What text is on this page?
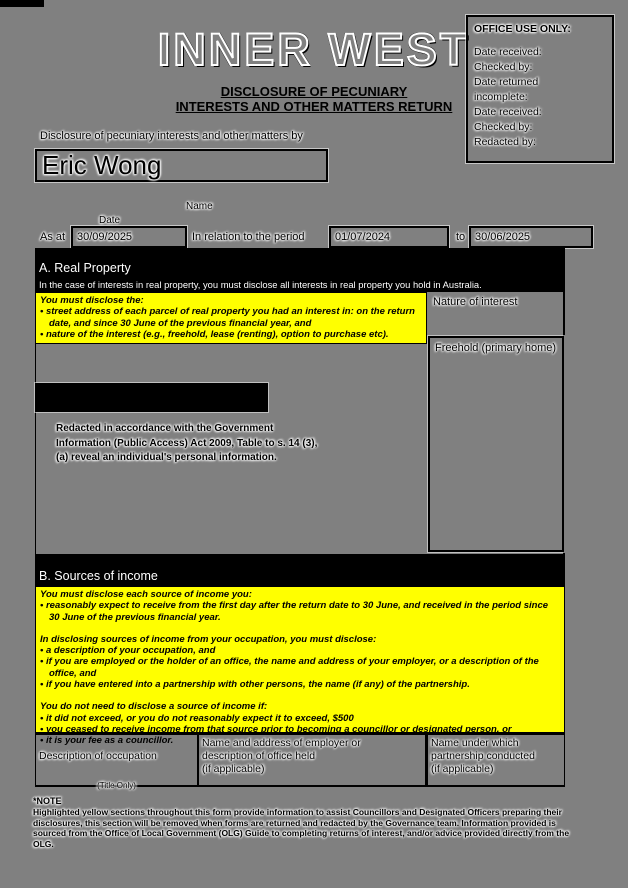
INNER WEST
DISCLOSURE OF PECUNIARY
INTERESTS AND OTHER MATTERS RETURN
OFFICE USE ONLY:
Date received:
Checked by:
Date returned
incomplete:
Date received:
Checked by:
Redacted by:
Disclosure of pecuniary interests and other matters by
Eric Wong
Name
Date
As at	30/09/2025	In relation to the period	01/07/2024	to 30/06/2025
A. Real Property
In the case of interests in real property, you must disclose all interests in real property you hold in Australia.
You must disclose the:
• street address of each parcel of real property you had an interest in: on the return date, and since 30 June of the previous financial year, and
• nature of the interest (e.g., freehold, lease (renting), option to purchase etc).
Nature of interest
Redacted in accordance with the Government
Information (Public Access) Act 2009, Table to s. 14 (3),
(a) reveal an individual's personal information.
Freehold (primary home)
B. Sources of income
You must disclose each source of income you:
• reasonably expect to receive from the first day after the return date to 30 June, and received in the period since 30 June of the previous financial year.
In disclosing sources of income from your occupation, you must disclose:
• a description of your occupation, and
• if you are employed or the holder of an office, the name and address of your employer, or a description of the office, and
• if you have entered into a partnership with other persons, the name (if any) of the partnership.
You do not need to disclose a source of income if:
• it did not exceed, or you do not reasonably expect it to exceed, $500
• you ceased to receive income from that source prior to becoming a councillor or designated person, or
• it is your fee as a councillor.

Description of occupation

(Title Only)

Name and address of employer or
description of office held
(if applicable)
Name under which
partnership conducted
(if applicable)
*NOTE
Highlighted yellow sections throughout this form provide information to assist Councillors and Designated Officers preparing their disclosures, this section will be removed when forms are returned and redacted by the Governance team. Information provided is sourced from the Office of Local Government (OLG) Guide to completing returns of interest, and/or advice provided directly from the OLG.
